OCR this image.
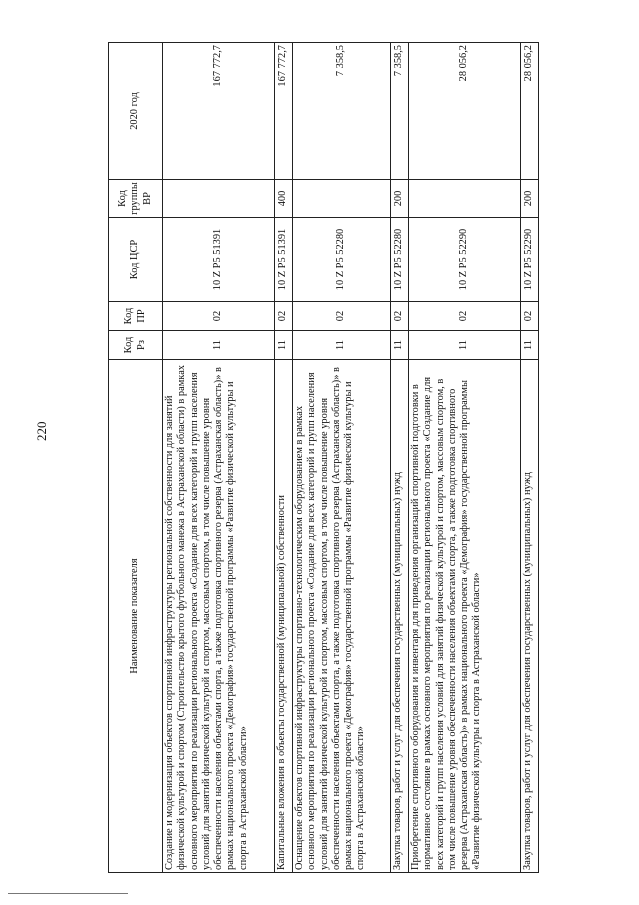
220
Наименование показателя	Код Рз	Код ПР	Код ЦСР	Код группы ВР	2020 год
Создание и модернизация объектов спортивной инфраструктуры региональной собственности для занятий физической культурой и спортом (Строительство крытого футбольного манежа в Астраханской области) в рамках основного мероприятия по реализации регионального проекта «Создание для всех категорий и групп населения условий для занятий физической культурой и спортом, массовым спортом, в том числе повышение уровня обеспеченности населения объектами спорта, а также подготовка спортивного резерва (Астраханская область)» в рамках национального проекта «Демография» государственной программы «Развитие физической культуры и спорта в Астраханской области»	11	02	10 Z P5 51391		167 772,7
Капитальные вложения в объекты государственной (муниципальной) собственности	11	02	10 Z P5 51391	400	167 772,7
Оснащение объектов спортивной инфраструктуры спортивно-технологическим оборудованием в рамках основного мероприятия по реализации регионального проекта «Создание для всех категорий и групп населения условий для занятий физической культурой и спортом, массовым спортом, в том числе повышение уровня обеспеченности населения объектами спорта, а также подготовка спортивного резерва (Астраханская область)» в рамках национального проекта «Демография» государственной программы «Развитие физической культуры и спорта в Астраханской области»	11	02	10 Z P5 52280		7 358,5
Закупка товаров, работ и услуг для обеспечения государственных (муниципальных) нужд	11	02	10 Z P5 52280	200	7 358,5
Приобретение спортивного оборудования и инвентаря для приведения организаций спортивной подготовки в нормативное состояние в рамках основного мероприятия по реализации регионального проекта «Создание для всех категорий и групп населения условий для занятий физической культурой и спортом, массовым спортом, в том числе повышение уровня обеспеченности населения объектами спорта, а также подготовка спортивного резерва (Астраханская область)» в рамках национального проекта «Демография» государственной программы «Развитие физической культуры и спорта в Астраханской области»	11	02	10 Z P5 52290		28 056,2
Закупка товаров, работ и услуг для обеспечения государственных (муниципальных) нужд	11	02	10 Z P5 52290	200	28 056,2
